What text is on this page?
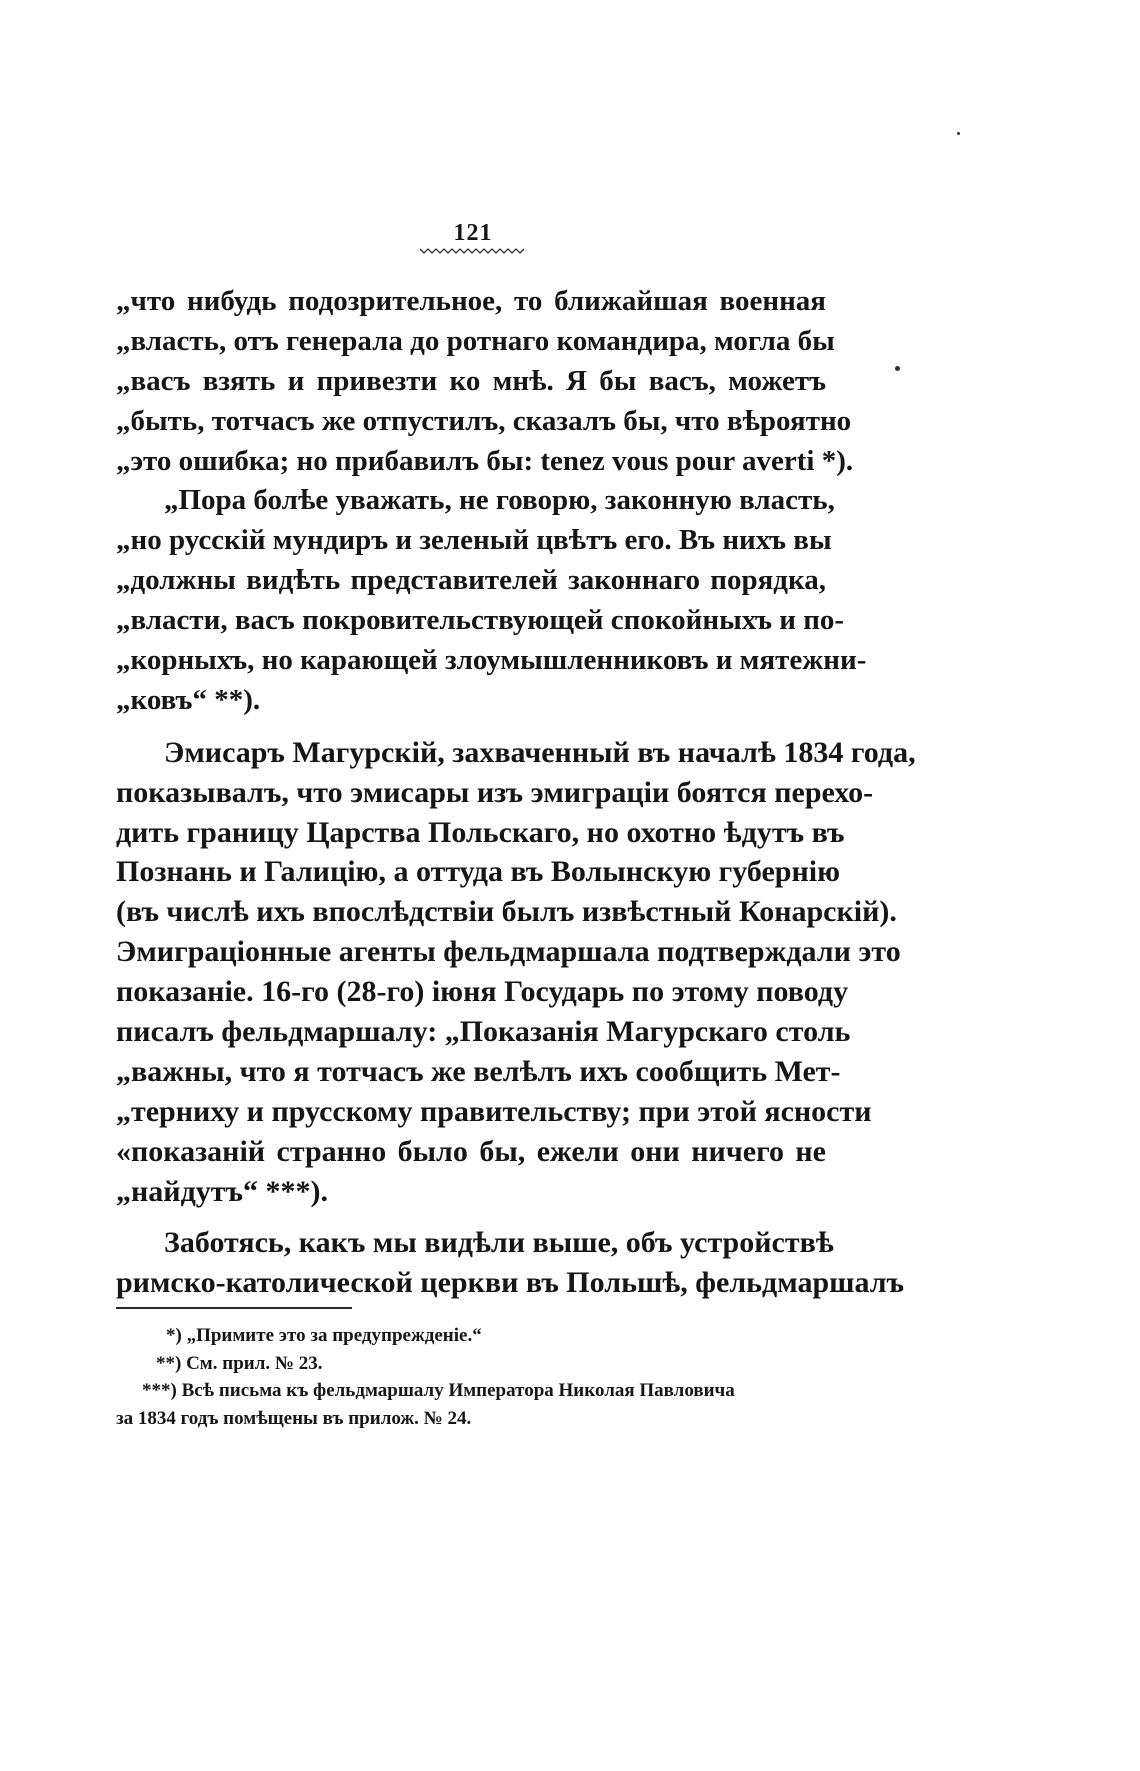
121
„что нибудь подозрительное, то ближайшая военная
„власть, отъ генерала до ротнаго командира, могла бы
„васъ взять и привезти ко мнѣ. Я бы васъ, можетъ
„быть, тотчасъ же отпустилъ, сказалъ бы, что вѣроятно
„это ошибка; но прибавилъ бы: tenez vous pour averti *).
„Пора болѣе уважать, не говорю, законную власть,
„но русскій мундиръ и зеленый цвѣтъ его. Въ нихъ вы
„должны видѣть представителей законнаго порядка,
„власти, васъ покровительствующей спокойныхъ и по-
„корныхъ, но карающей злоумышленниковъ и мятежни-
„ковъ“ **).
Эмисаръ Магурскій, захваченный въ началѣ 1834 года,
показывалъ, что эмисары изъ эмиграціи боятся перехо-
дить границу Царства Польскаго, но охотно ѣдутъ въ
Познань и Галицію, а оттуда въ Волынскую губернію
(въ числѣ ихъ впослѣдствіи былъ извѣстный Конарскій).
Эмиграціонные агенты фельдмаршала подтверждали это
показаніе. 16-го (28-го) іюня Государь по этому поводу
писалъ фельдмаршалу: „Показанія Магурскаго столь
„важны, что я тотчасъ же велѣлъ ихъ сообщить Мет-
„терниху и прусскому правительству; при этой ясности
«показаній странно было бы, ежели они ничего не
„найдутъ“ ***).
Заботясь, какъ мы видѣли выше, объ устройствѣ
римско-католической церкви въ Польшѣ, фельдмаршалъ
*) „Примите это за предупрежденіе.“
**) См. прил. № 23.
***) Всѣ письма къ фельдмаршалу Императора Николая Павловича
за 1834 годъ помѣщены въ прилож. № 24.
